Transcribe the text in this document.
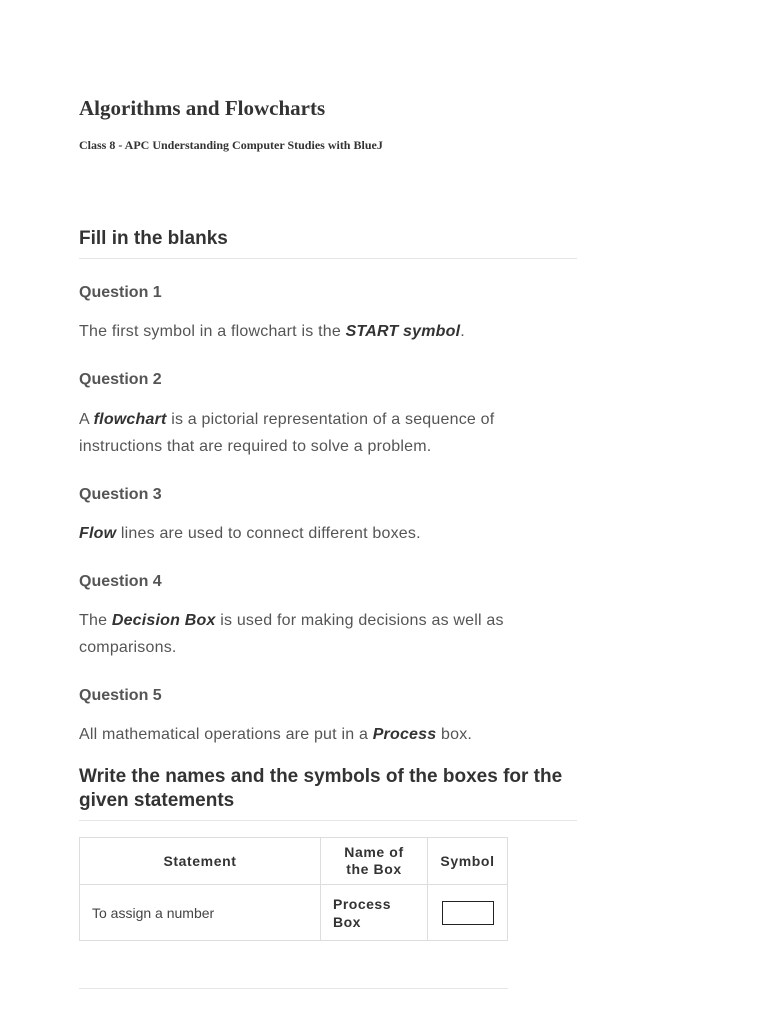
Algorithms and Flowcharts
Class 8 - APC Understanding Computer Studies with BlueJ
Fill in the blanks
Question 1
The first symbol in a flowchart is the START symbol.
Question 2
A flowchart is a pictorial representation of a sequence of instructions that are required to solve a problem.
Question 3
Flow lines are used to connect different boxes.
Question 4
The Decision Box is used for making decisions as well as comparisons.
Question 5
All mathematical operations are put in a Process box.
Write the names and the symbols of the boxes for the given statements
Statement	Name of the Box	Symbol
To assign a number	Process Box	
